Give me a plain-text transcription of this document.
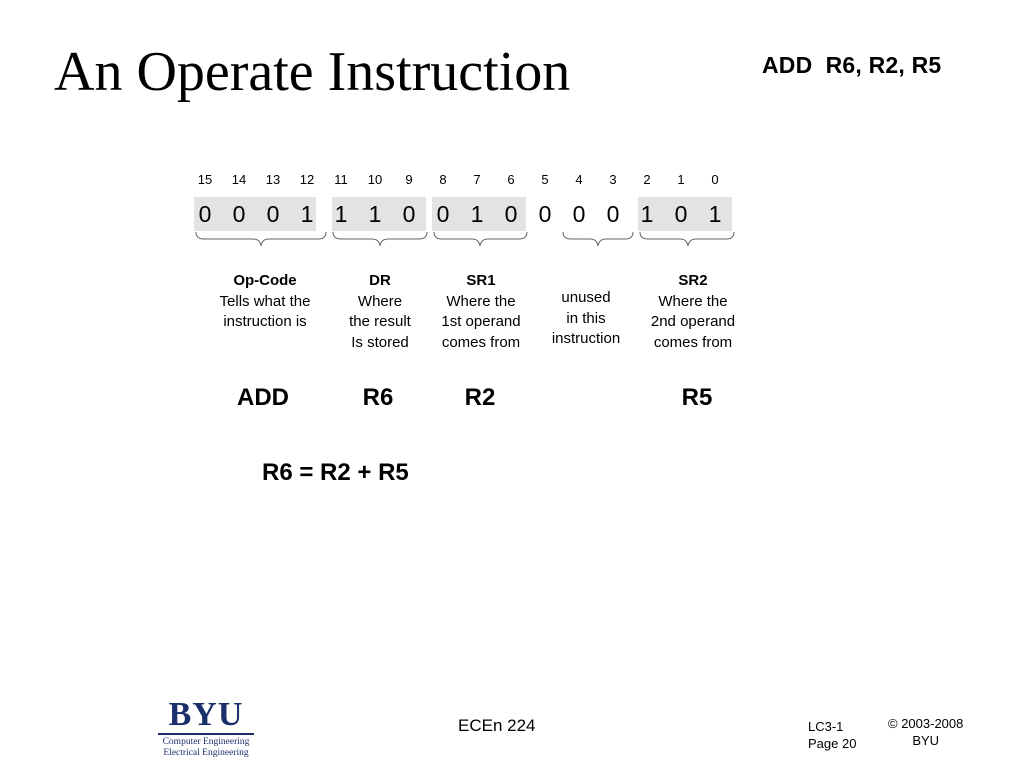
An Operate Instruction	ADD  R6, R2, R5
15	14	13	12	11	10	9	8	7	6	5	4	3	2	1	0
0 0 0 1 1 1 0 0 1 0 0 0 0 1 0 1
Op-Code
Tells what the
instruction is
DR
Where
the result
Is stored
SR1
Where the
1st operand
comes from
unused
in this
instruction
SR2
Where the
2nd operand
comes from
ADD	R6	R2	R5
R6 = R2 + R5
BYU
Computer Engineering
Electrical Engineering
ECEn 224	LC3-1
Page 20
© 2003-2008
BYU
